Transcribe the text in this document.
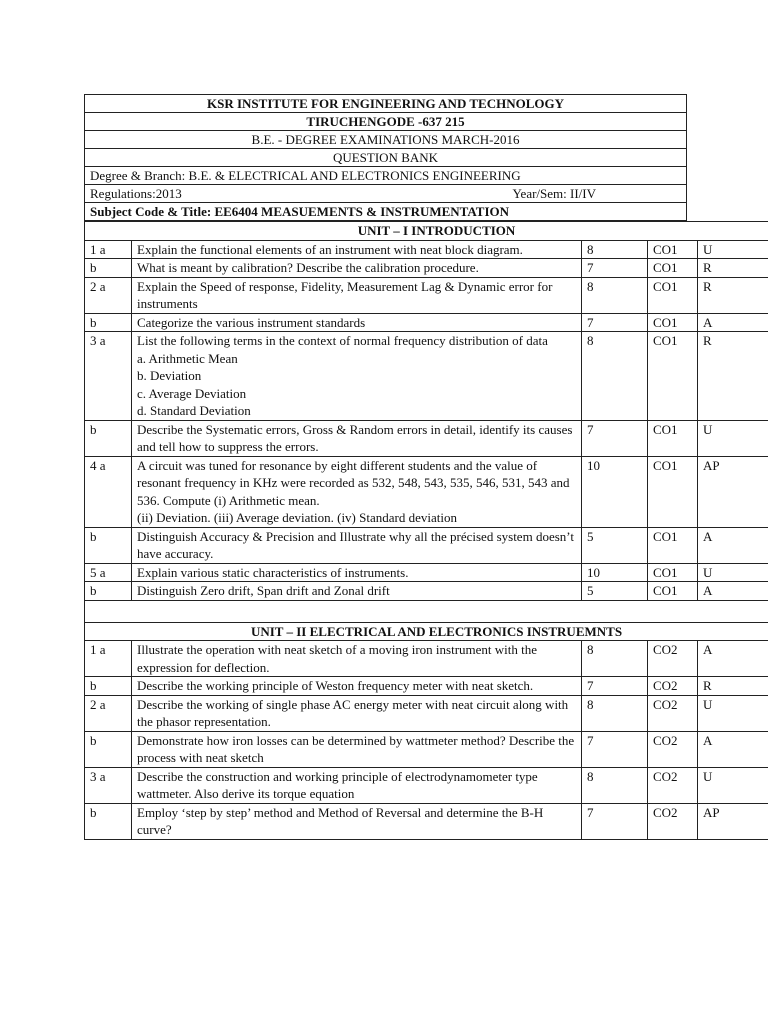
KSR INSTITUTE FOR ENGINEERING AND TECHNOLOGY
TIRUCHENGODE -637 215
B.E. - DEGREE EXAMINATIONS MARCH-2016
QUESTION BANK
Degree & Branch: B.E. & ELECTRICAL AND ELECTRONICS ENGINEERING

Regulations:2013	Year/Sem: II/IV

Subject Code & Title: EE6404 MEASUEMENTS & INSTRUMENTATION
UNIT – I INTRODUCTION				
1 a	Explain the functional elements of an instrument with neat block diagram.	8	CO1	U
b	What is meant by calibration? Describe the calibration procedure.	7	CO1	R
2 a	Explain the Speed of response, Fidelity, Measurement Lag & Dynamic error for instruments	8	CO1	R
b	Categorize the various instrument standards	7	CO1	A
3 a	List the following terms in the context of normal frequency distribution of data
a. Arithmetic Mean
b. Deviation
c. Average Deviation
d. Standard Deviation	8	CO1	R
b	Describe the Systematic errors, Gross & Random errors in detail, identify its causes and tell how to suppress the errors.	7	CO1	U
4 a	A circuit was tuned for resonance by eight different students and the value of resonant frequency in KHz were recorded as 532, 548, 543, 535, 546, 531, 543 and 536. Compute (i) Arithmetic mean.
(ii) Deviation. (iii) Average deviation. (iv) Standard deviation	10	CO1	AP
b	Distinguish Accuracy & Precision and Illustrate why all the précised system doesn’t have accuracy.	5	CO1	A
5 a	Explain various static characteristics of instruments.	10	CO1	U
b	Distinguish Zero drift, Span drift and Zonal drift	5	CO1	A

UNIT – II ELECTRICAL AND ELECTRONICS INSTRUEMNTS				
1 a	Illustrate the operation with neat sketch of a moving iron instrument with the expression for deflection.	8	CO2	A
b	Describe the working principle of Weston frequency meter with neat sketch.	7	CO2	R
2 a	Describe the working of single phase AC energy meter with neat circuit along with the phasor representation.	8	CO2	U
b	Demonstrate how iron losses can be determined by wattmeter method? Describe the process with neat sketch	7	CO2	A
3 a	Describe the construction and working principle of electrodynamometer type wattmeter. Also derive its torque equation	8	CO2	U
b	Employ ‘step by step’ method and Method of Reversal and determine the B-H curve?	7	CO2	AP
